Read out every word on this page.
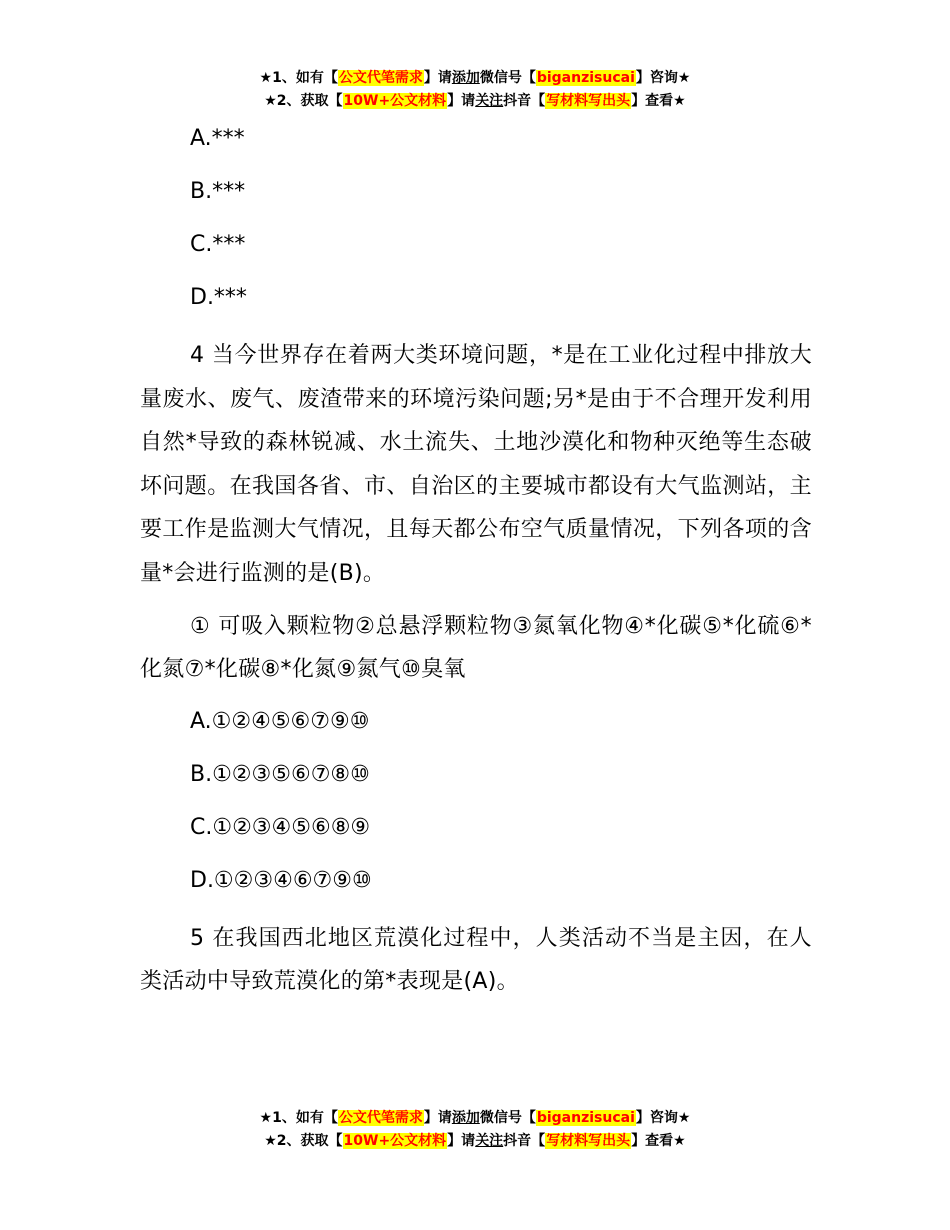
★1、如有【公文代笔需求】请添加微信号【biganzisucai】咨询★
★2、获取【10W+公文材料】请关注抖音【写材料写出头】查看★

A.***

B.***

C.***

D.***

4 当今世界存在着两大类环境问题，*是在工业化过程中排放大量废水、废气、废渣带来的环境污染问题;另*是由于不合理开发利用自然*导致的森林锐减、水土流失、土地沙漠化和物种灭绝等生态破坏问题。在我国各省、市、自治区的主要城市都设有大气监测站，主要工作是监测大气情况，且每天都公布空气质量情况，下列各项的含量*会进行监测的是(B)。

① 可吸入颗粒物②总悬浮颗粒物③氮氧化物④*化碳⑤*化硫⑥*化氮⑦*化碳⑧*化氮⑨氮气⑩臭氧

A.①②④⑤⑥⑦⑨⑩

B.①②③⑤⑥⑦⑧⑩

C.①②③④⑤⑥⑧⑨

D.①②③④⑥⑦⑨⑩

5 在我国西北地区荒漠化过程中，人类活动不当是主因，在人类活动中导致荒漠化的第*表现是(A)。

★1、如有【公文代笔需求】请添加微信号【biganzisucai】咨询★
★2、获取【10W+公文材料】请关注抖音【写材料写出头】查看★
